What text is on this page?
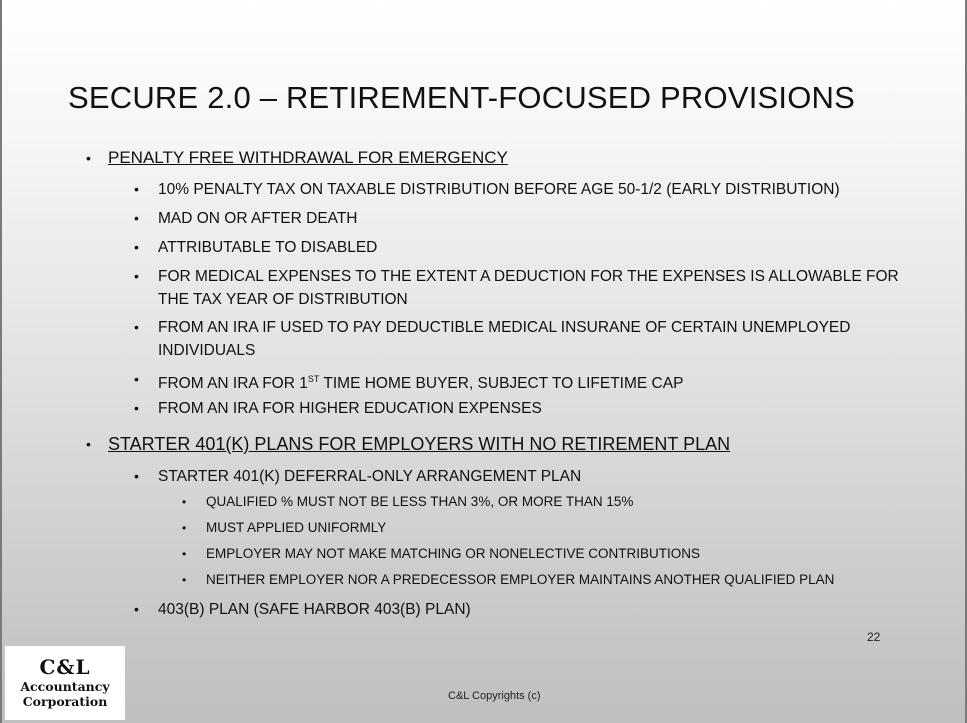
SECURE 2.0 – RETIREMENT-FOCUSED PROVISIONS
• PENALTY FREE WITHDRAWAL FOR EMERGENCY
• 10% PENALTY TAX ON TAXABLE DISTRIBUTION BEFORE AGE 50-1/2 (EARLY DISTRIBUTION)
• MAD ON OR AFTER DEATH
• ATTRIBUTABLE TO DISABLED
• FOR MEDICAL EXPENSES TO THE EXTENT A DEDUCTION FOR THE EXPENSES IS ALLOWABLE FOR
THE TAX YEAR OF DISTRIBUTION
• FROM AN IRA IF USED TO PAY DEDUCTIBLE MEDICAL INSURANE OF CERTAIN UNEMPLOYED
INDIVIDUALS
• FROM AN IRA FOR 1ST TIME HOME BUYER, SUBJECT TO LIFETIME CAP
• FROM AN IRA FOR HIGHER EDUCATION EXPENSES
• STARTER 401(K) PLANS FOR EMPLOYERS WITH NO RETIREMENT PLAN
• STARTER 401(K) DEFERRAL-ONLY ARRANGEMENT PLAN
• QUALIFIED % MUST NOT BE LESS THAN 3%, OR MORE THAN 15%
• MUST APPLIED UNIFORMLY
• EMPLOYER MAY NOT MAKE MATCHING OR NONELECTIVE CONTRIBUTIONS
• NEITHER EMPLOYER NOR A PREDECESSOR EMPLOYER MAINTAINS ANOTHER QUALIFIED PLAN
• 403(B) PLAN (SAFE HARBOR 403(B) PLAN)
22
C&L Copyrights (c)
C&L
Accountancy
Corporation
